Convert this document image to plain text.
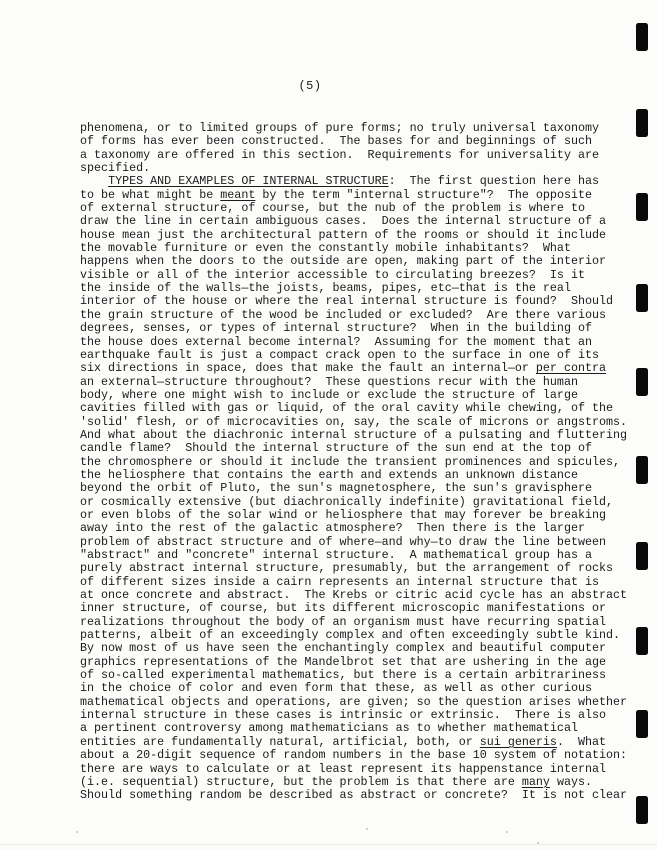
(5)
phenomena, or to limited groups of pure forms; no truly universal taxonomy
of forms has ever been constructed.  The bases for and beginnings of such
a taxonomy are offered in this section.  Requirements for universality are
specified.
TYPES AND EXAMPLES OF INTERNAL STRUCTURE:  The first question here has
to be what might be meant by the term "internal structure"?  The opposite
of external structure, of course, but the nub of the problem is where to
draw the line in certain ambiguous cases.  Does the internal structure of a
house mean just the architectural pattern of the rooms or should it include
the movable furniture or even the constantly mobile inhabitants?  What
happens when the doors to the outside are open, making part of the interior
visible or all of the interior accessible to circulating breezes?  Is it
the inside of the walls—the joists, beams, pipes, etc—that is the real
interior of the house or where the real internal structure is found?  Should
the grain structure of the wood be included or excluded?  Are there various
degrees, senses, or types of internal structure?  When in the building of
the house does external become internal?  Assuming for the moment that an
earthquake fault is just a compact crack open to the surface in one of its
six directions in space, does that make the fault an internal—or per contra
an external—structure throughout?  These questions recur with the human
body, where one might wish to include or exclude the structure of large
cavities filled with gas or liquid, of the oral cavity while chewing, of the
'solid' flesh, or of microcavities on, say, the scale of microns or angstroms.
And what about the diachronic internal structure of a pulsating and fluttering
candle flame?  Should the internal structure of the sun end at the top of
the chromosphere or should it include the transient prominences and spicules,
the heliosphere that contains the earth and extends an unknown distance
beyond the orbit of Pluto, the sun's magnetosphere, the sun's gravisphere
or cosmically extensive (but diachronically indefinite) gravitational field,
or even blobs of the solar wind or heliosphere that may forever be breaking
away into the rest of the galactic atmosphere?  Then there is the larger
problem of abstract structure and of where—and why—to draw the line between
"abstract" and "concrete" internal structure.  A mathematical group has a
purely abstract internal structure, presumably, but the arrangement of rocks
of different sizes inside a cairn represents an internal structure that is
at once concrete and abstract.  The Krebs or citric acid cycle has an abstract
inner structure, of course, but its different microscopic manifestations or
realizations throughout the body of an organism must have recurring spatial
patterns, albeit of an exceedingly complex and often exceedingly subtle kind.
By now most of us have seen the enchantingly complex and beautiful computer
graphics representations of the Mandelbrot set that are ushering in the age
of so-called experimental mathematics, but there is a certain arbitrariness
in the choice of color and even form that these, as well as other curious
mathematical objects and operations, are given; so the question arises whether
internal structure in these cases is intrinsic or extrinsic.  There is also
a pertinent controversy among mathematicians as to whether mathematical
entities are fundamentally natural, artificial, both, or sui generis.  What
about a 20-digit sequence of random numbers in the base 10 system of notation:
there are ways to calculate or at least represent its happenstance internal
(i.e. sequential) structure, but the problem is that there are many ways.
Should something random be described as abstract or concrete?  It is not clear
